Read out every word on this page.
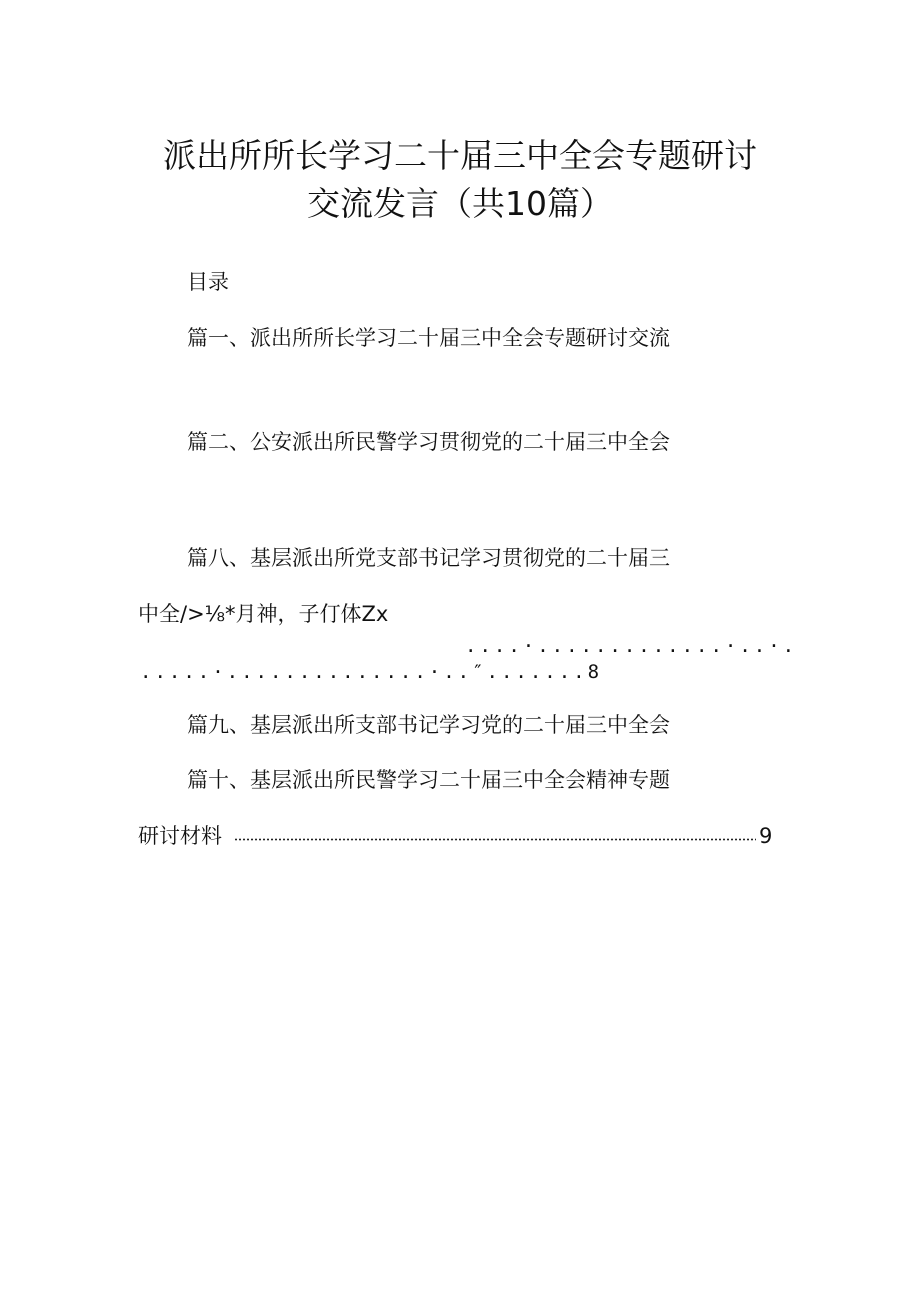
派出所所长学习二十届三中全会专题研讨
交流发言（共10篇）
目录
篇一、派出所所长学习二十届三中全会专题研讨交流
篇二、公安派出所民警学习贯彻党的二十届三中全会
篇八、基层派出所党支部书记学习贯彻党的二十届三
中全/>⅛*月神，子仃体Zx
....·.............·..·.
.....·..............·..″.......8
篇九、基层派出所支部书记学习党的二十届三中全会
篇十、基层派出所民警学习二十届三中全会精神专题
研讨材料	9
